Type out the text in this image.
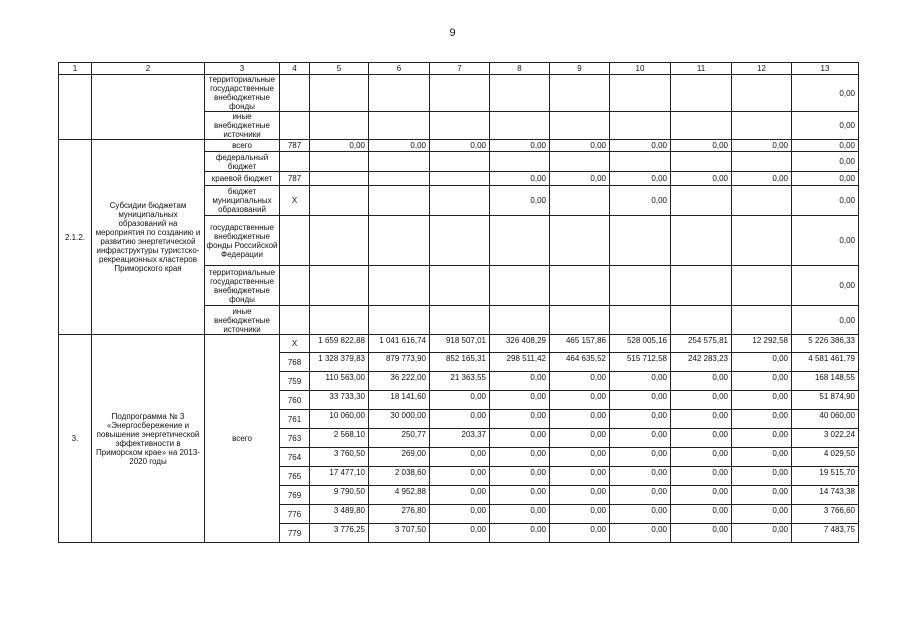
9
1	2	3	4	5	6	7	8	9	10	11	12	13
		территориальные государственные внебюджетные фонды										0,00
		иные внебюджетные источники										0,00
2.1.2.	Субсидии бюджетам муниципальных образований на мероприятия по созданию и развитию энергетической инфраструктуры туристско-рекреационных кластеров Приморского края	всего	787	0,00	0,00	0,00	0,00	0,00	0,00	0,00	0,00	0,00
		федеральный бюджет										0,00
		краевой бюджет	787				0,00	0,00	0,00	0,00	0,00	0,00
		бюджет муниципальных образований	X				0,00		0,00			0,00
		государственные внебюджетные фонды Российской Федерации										0,00
		территориальные государственные внебюджетные фонды										0,00
		иные внебюджетные источники										0,00
3.	Подпрограмма № 3 «Энергосбережение и повышение энергетической эффективности в Приморском крае» на 2013-2020 годы	всего	X	1 659 822,88	1 041 616,74	918 507,01	326 408,29	465 157,86	528 005,16	254 575,81	12 292,58	5 226 386,33
			768	1 328 379,83	879 773,90	852 165,31	298 511,42	464 635,52	515 712,58	242 283,23	0,00	4 581 461,79
			759	110 563,00	36 222,00	21 363,55	0,00	0,00	0,00	0,00	0,00	168 148,55
			760	33 733,30	18 141,60	0,00	0,00	0,00	0,00	0,00	0,00	51 874,90
			761	10 060,00	30 000,00	0,00	0,00	0,00	0,00	0,00	0,00	40 060,00
			763	2 568,10	250,77	203,37	0,00	0,00	0,00	0,00	0,00	3 022,24
			764	3 760,50	269,00	0,00	0,00	0,00	0,00	0,00	0,00	4 029,50
			765	17 477,10	2 038,60	0,00	0,00	0,00	0,00	0,00	0,00	19 515,70
			769	9 790,50	4 952,88	0,00	0,00	0,00	0,00	0,00	0,00	14 743,38
			776	3 489,80	276,80	0,00	0,00	0,00	0,00	0,00	0,00	3 766,60
			779	3 776,25	3 707,50	0,00	0,00	0,00	0,00	0,00	0,00	7 483,75
